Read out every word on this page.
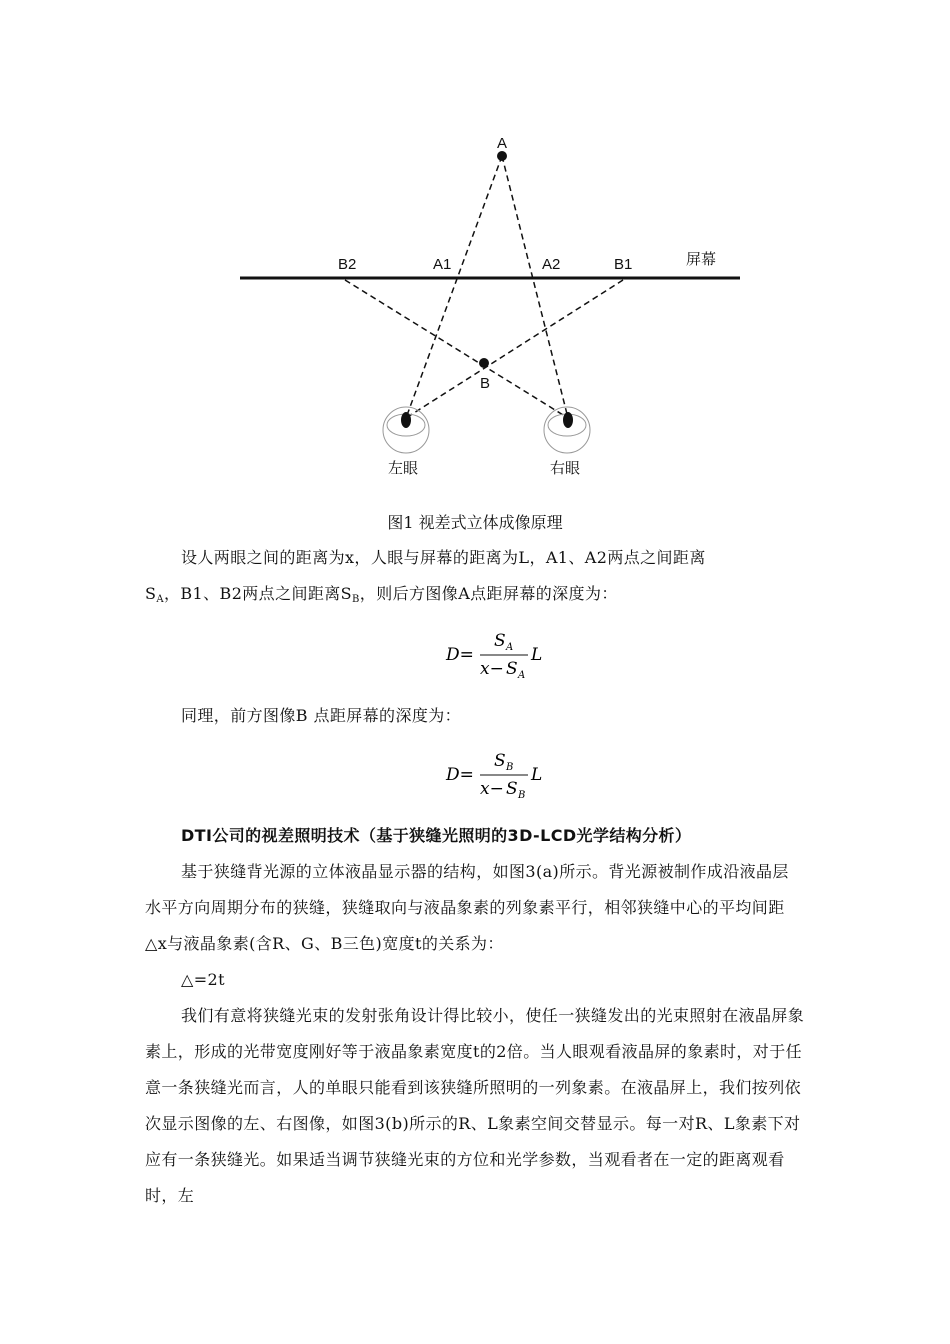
A
B2	A1	A2	B1	屏幕
B
左眼	右眼
图1 视差式立体成像原理
设人两眼之间的距离为x，人眼与屏幕的距离为L，A1、A2两点之间距离
$S_A$，B1、B2两点之间距离$S_B$，则后方图像A点距屏幕的深度为：
D=
S A
x− S A
L
同理，前方图像B 点距屏幕的深度为：
D=
S B
x− S B
L
DTI公司的视差照明技术（基于狭缝光照明的3D-LCD光学结构分析）
基于狭缝背光源的立体液晶显示器的结构，如图3(a)所示。背光源被制作成沿液晶层水平方向周期分布的狭缝，狭缝取向与液晶象素的列象素平行，相邻狭缝中心的平均间距△x与液晶象素(含R、G、B三色)宽度t的关系为：
△=2t
我们有意将狭缝光束的发射张角设计得比较小，使任一狭缝发出的光束照射在液晶屏象素上，形成的光带宽度刚好等于液晶象素宽度t的2倍。当人眼观看液晶屏的象素时，对于任意一条狭缝光而言，人的单眼只能看到该狭缝所照明的一列象素。在液晶屏上，我们按列依次显示图像的左、右图像，如图3(b)所示的R、L象素空间交替显示。每一对R、L象素下对应有一条狭缝光。如果适当调节狭缝光束的方位和光学参数，当观看者在一定的距离观看时，左
